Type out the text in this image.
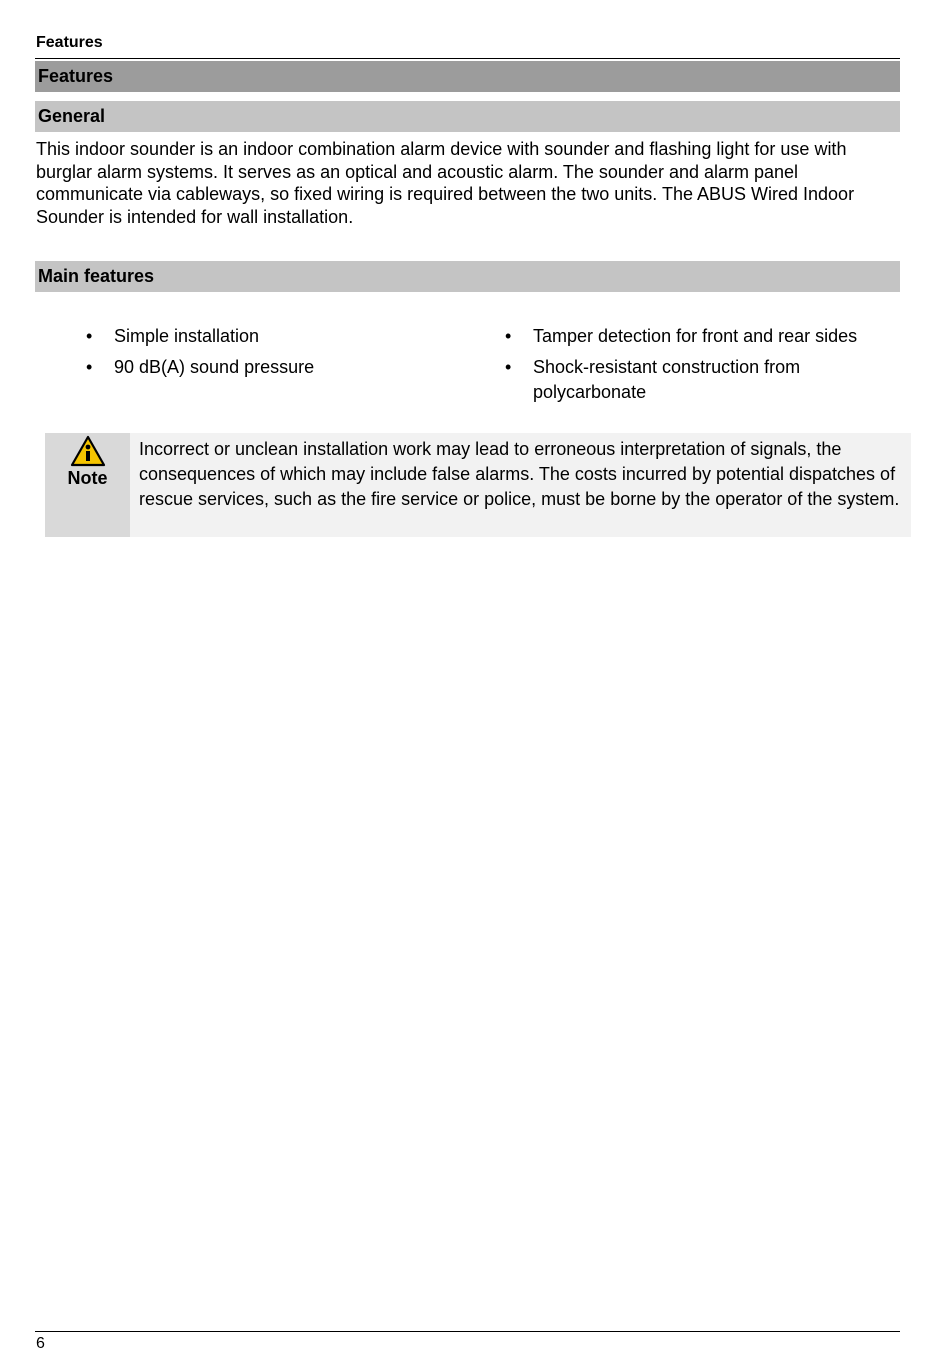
Features
Features
General

This indoor sounder is an indoor combination alarm device with sounder and flashing light for use with burglar alarm systems. It serves as an optical and acoustic alarm. The sounder and alarm panel communicate via cableways, so fixed wiring is required between the two units. The ABUS Wired Indoor Sounder is intended for wall installation.

Main features
• Simple installation
• 90 dB(A) sound pressure
• Tamper detection for front and rear sides
• Shock-resistant construction from polycarbonate
Note
Incorrect or unclean installation work may lead to erroneous interpretation of signals, the consequences of which may include false alarms. The costs incurred by potential dispatches of rescue services, such as the fire service or police, must be borne by the operator of the system.
6
